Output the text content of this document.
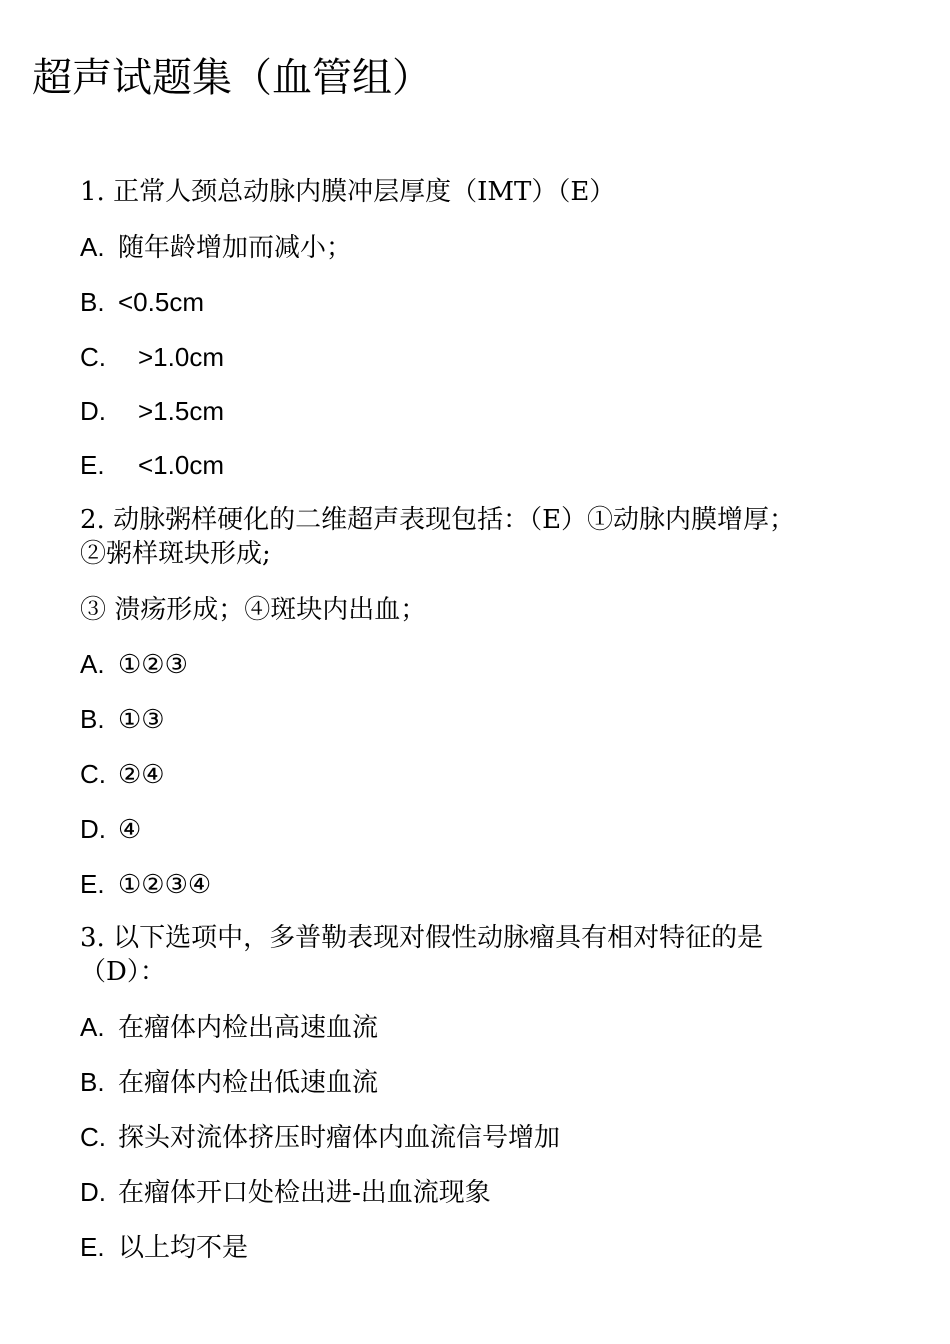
超声试题集（血管组）
1. 正常人颈总动脉内膜冲层厚度（IMT）（E）
A. 随年龄增加而减小；
B. <0.5cm
C. >1.0cm
D. >1.5cm
E. <1.0cm
2. 动脉粥样硬化的二维超声表现包括：（E）①动脉内膜增厚；
②粥样斑块形成;
③ 溃疡形成；④斑块内出血；
A. ①②③
B. ①③
C. ②④
D. ④
E. ①②③④
3. 以下选项中，多普勒表现对假性动脉瘤具有相对特征的是
（D）：
A. 在瘤体内检出高速血流
B. 在瘤体内检出低速血流
C. 探头对流体挤压时瘤体内血流信号增加
D. 在瘤体开口处检出进-出血流现象
E. 以上均不是
